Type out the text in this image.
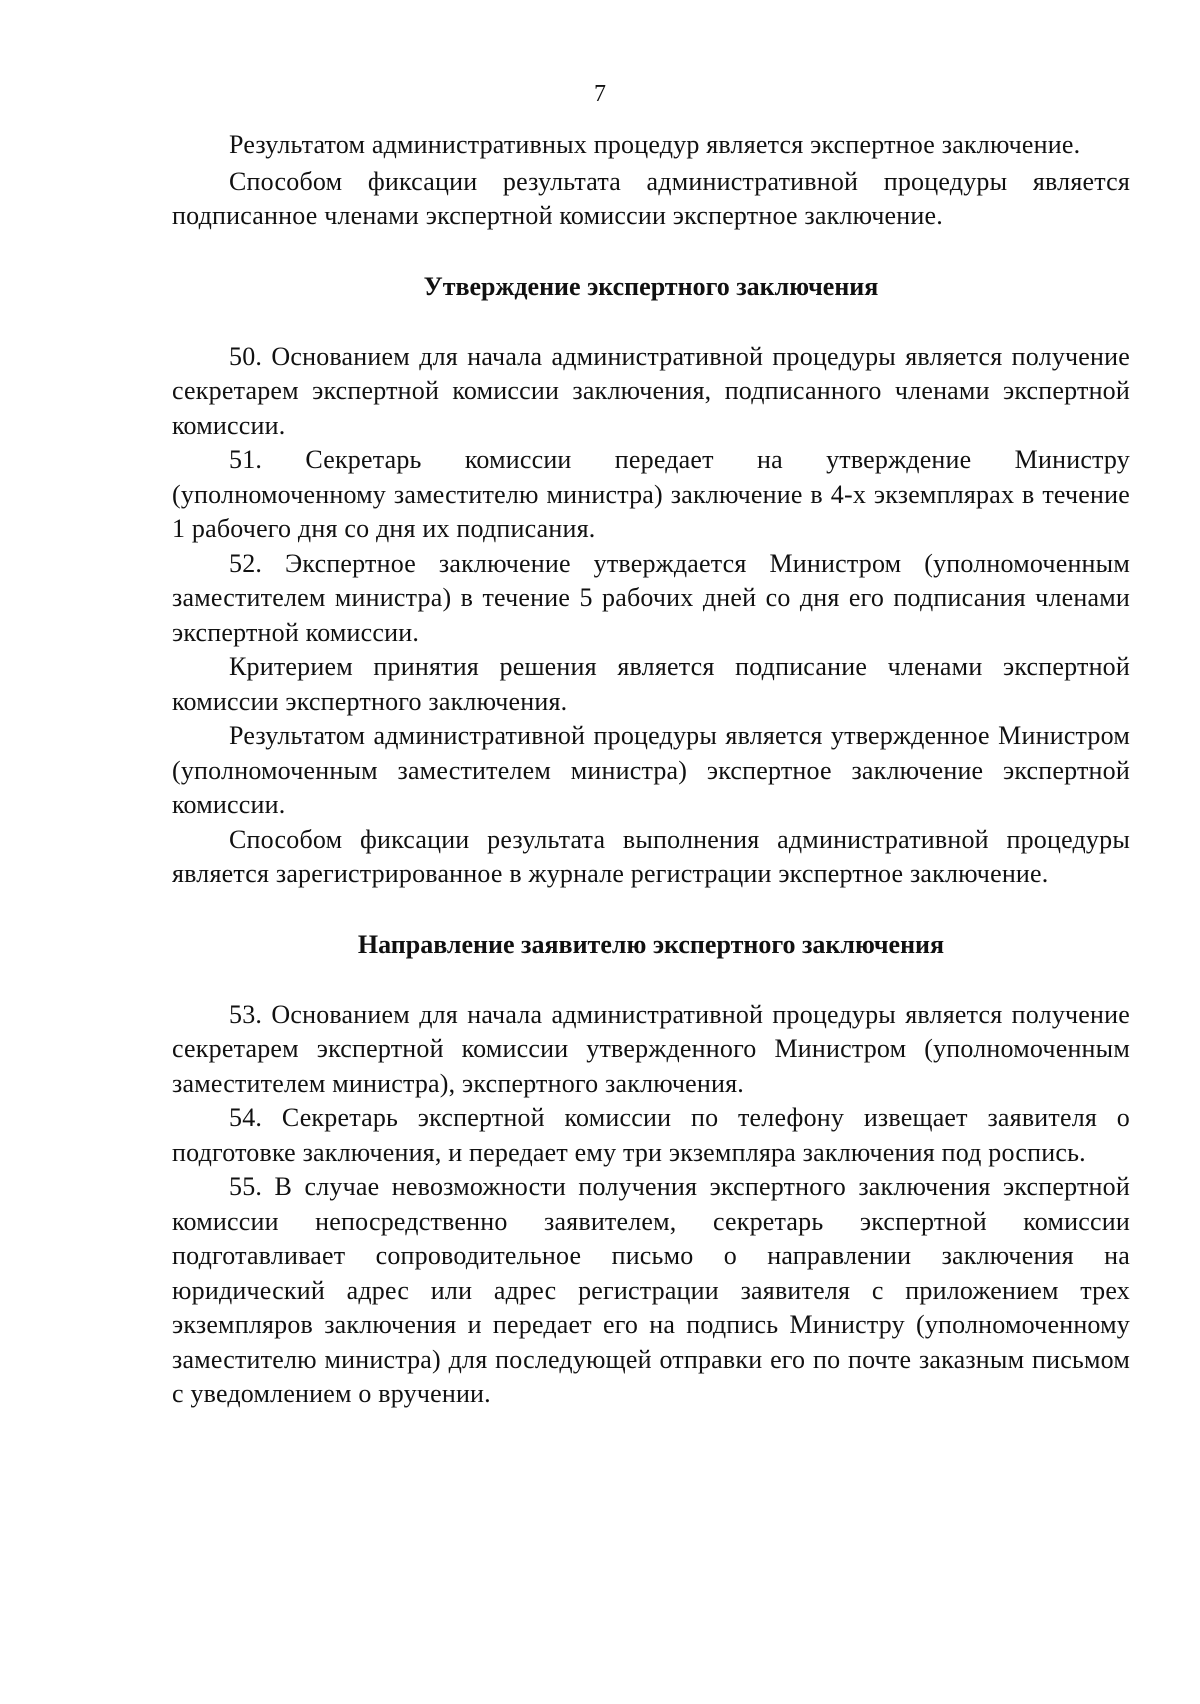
7

Результатом административных процедур является экспертное заключение.

Способом фиксации результата административной процедуры является подписанное членами экспертной комиссии экспертное заключение.

Утверждение экспертного заключения

50. Основанием для начала административной процедуры является получение секретарем экспертной комиссии заключения, подписанного членами экспертной комиссии.

51. Секретарь комиссии передает на утверждение Министру (уполномоченному заместителю министра) заключение в 4-х экземплярах в течение 1 рабочего дня со дня их подписания.

52. Экспертное заключение утверждается Министром (уполномоченным заместителем министра) в течение 5 рабочих дней со дня его подписания членами экспертной комиссии.

Критерием принятия решения является подписание членами экспертной комиссии экспертного заключения.

Результатом административной процедуры является утвержденное Министром (уполномоченным заместителем министра) экспертное заключение экспертной комиссии.

Способом фиксации результата выполнения административной процедуры является зарегистрированное в журнале регистрации экспертное заключение.

Направление заявителю экспертного заключения

53. Основанием для начала административной процедуры является получение секретарем экспертной комиссии утвержденного Министром (уполномоченным заместителем министра), экспертного заключения.

54. Секретарь экспертной комиссии по телефону извещает заявителя о подготовке заключения, и передает ему три экземпляра заключения под роспись.

55. В случае невозможности получения экспертного заключения экспертной комиссии непосредственно заявителем, секретарь экспертной комиссии подготавливает сопроводительное письмо о направлении заключения на юридический адрес или адрес регистрации заявителя с приложением трех экземпляров заключения и передает его на подпись Министру (уполномоченному заместителю министра) для последующей отправки его по почте заказным письмом с уведомлением о вручении.
